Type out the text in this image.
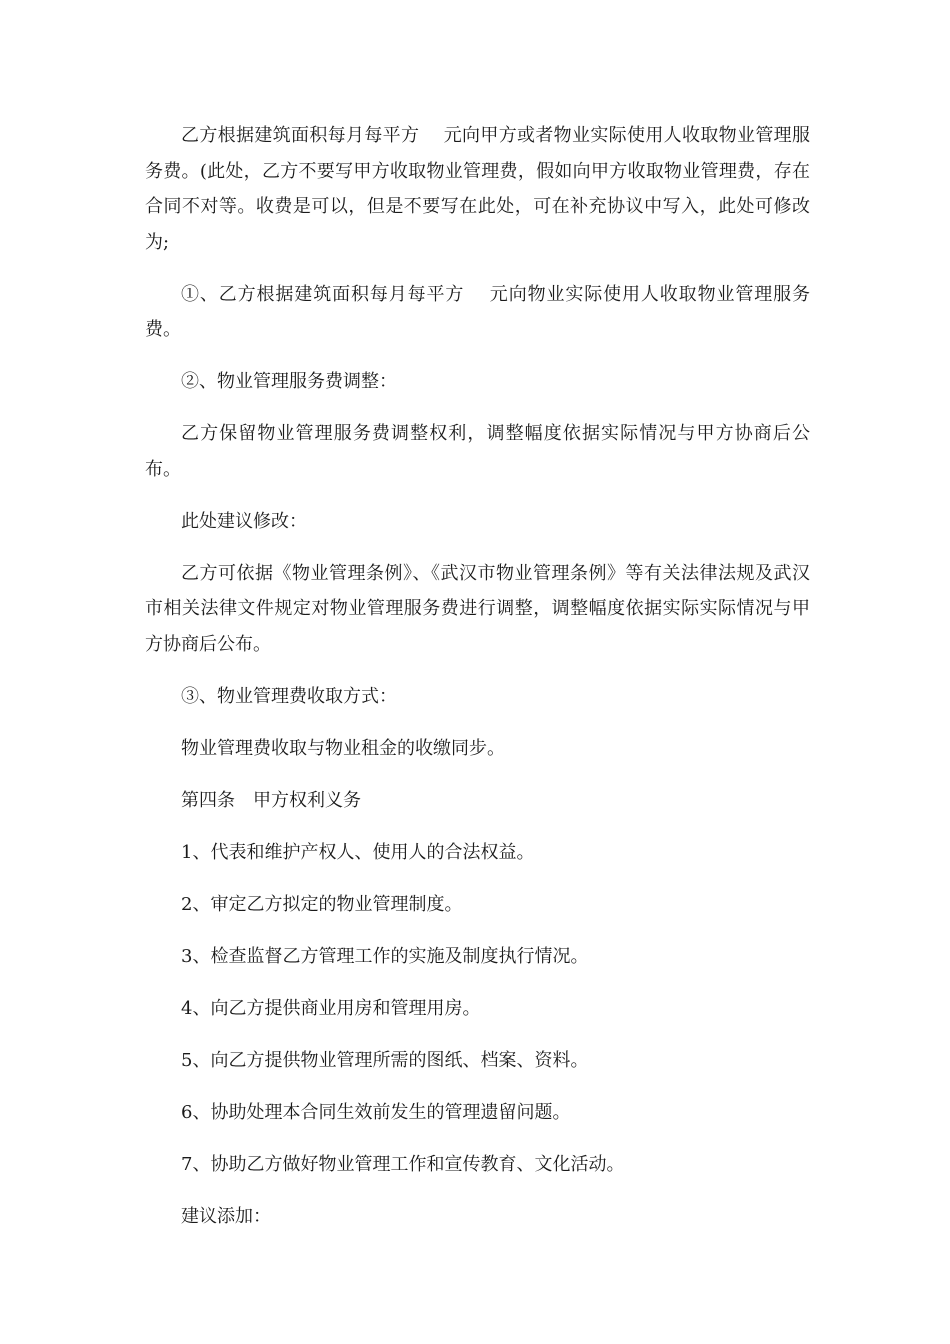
乙方根据建筑面积每月每平方　 元向甲方或者物业实际使用人收取物业管理服务费。(此处，乙方不要写甲方收取物业管理费，假如向甲方收取物业管理费，存在合同不对等。收费是可以，但是不要写在此处，可在补充协议中写入，此处可修改为;

①、乙方根据建筑面积每月每平方　 元向物业实际使用人收取物业管理服务费。

②、物业管理服务费调整：

乙方保留物业管理服务费调整权利，调整幅度依据实际情况与甲方协商后公布。

此处建议修改：

乙方可依据《物业管理条例》、《武汉市物业管理条例》等有关法律法规及武汉市相关法律文件规定对物业管理服务费进行调整，调整幅度依据实际实际情况与甲方协商后公布。

③、物业管理费收取方式：

物业管理费收取与物业租金的收缴同步。

第四条　甲方权利义务

1、代表和维护产权人、使用人的合法权益。

2、审定乙方拟定的物业管理制度。

3、检查监督乙方管理工作的实施及制度执行情况。

4、向乙方提供商业用房和管理用房。

5、向乙方提供物业管理所需的图纸、档案、资料。

6、协助处理本合同生效前发生的管理遗留问题。

7、协助乙方做好物业管理工作和宣传教育、文化活动。

建议添加：
